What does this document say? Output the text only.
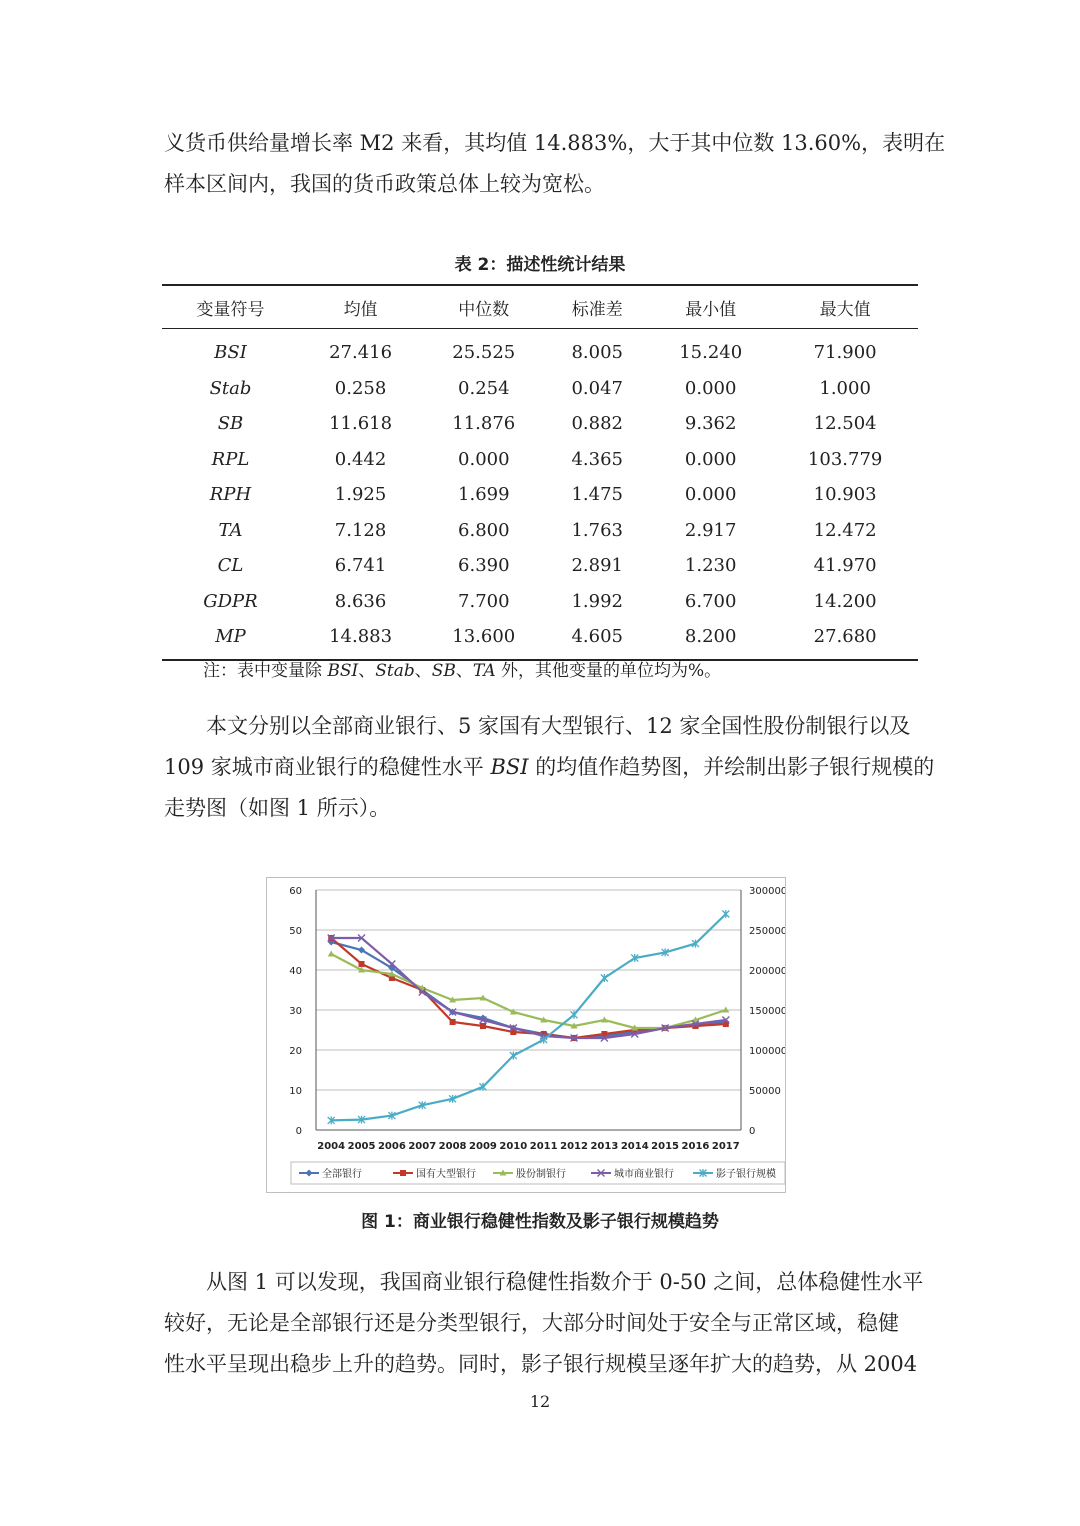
义货币供给量增长率 M2 来看，其均值 14.883%，大于其中位数 13.60%，表明在
样本区间内，我国的货币政策总体上较为宽松。

表 2：描述性统计结果
变量符号	均值	中位数	标准差	最小值	最大值
BSI	27.416	25.525	8.005	15.240	71.900
Stab	0.258	0.254	0.047	0.000	1.000
SB	11.618	11.876	0.882	9.362	12.504
RPL	0.442	0.000	4.365	0.000	103.779
RPH	1.925	1.699	1.475	0.000	10.903
TA	7.128	6.800	1.763	2.917	12.472
CL	6.741	6.390	2.891	1.230	41.970
GDPR	8.636	7.700	1.992	6.700	14.200
MP	14.883	13.600	4.605	8.200	27.680
注：表中变量除 BSI、Stab、SB、TA 外，其他变量的单位均为%。

本文分别以全部商业银行、5 家国有大型银行、12 家全国性股份制银行以及
109 家城市商业银行的稳健性水平 BSI 的均值作趋势图，并绘制出影子银行规模的
走势图（如图 1 所示）。

0
10
20
30
40
50
60
0
50000
100000
150000
200000
250000
300000
2004 2005 2006 2007 2008 2009 2010 2011 2012 2013 2014 2015 2016 2017
全部银行	国有大型银行	股份制银行	城市商业银行	影子银行规模
图 1：商业银行稳健性指数及影子银行规模趋势

从图 1 可以发现，我国商业银行稳健性指数介于 0-50 之间，总体稳健性水平
较好，无论是全部银行还是分类型银行，大部分时间处于安全与正常区域，稳健
性水平呈现出稳步上升的趋势。同时，影子银行规模呈逐年扩大的趋势，从 2004

12
